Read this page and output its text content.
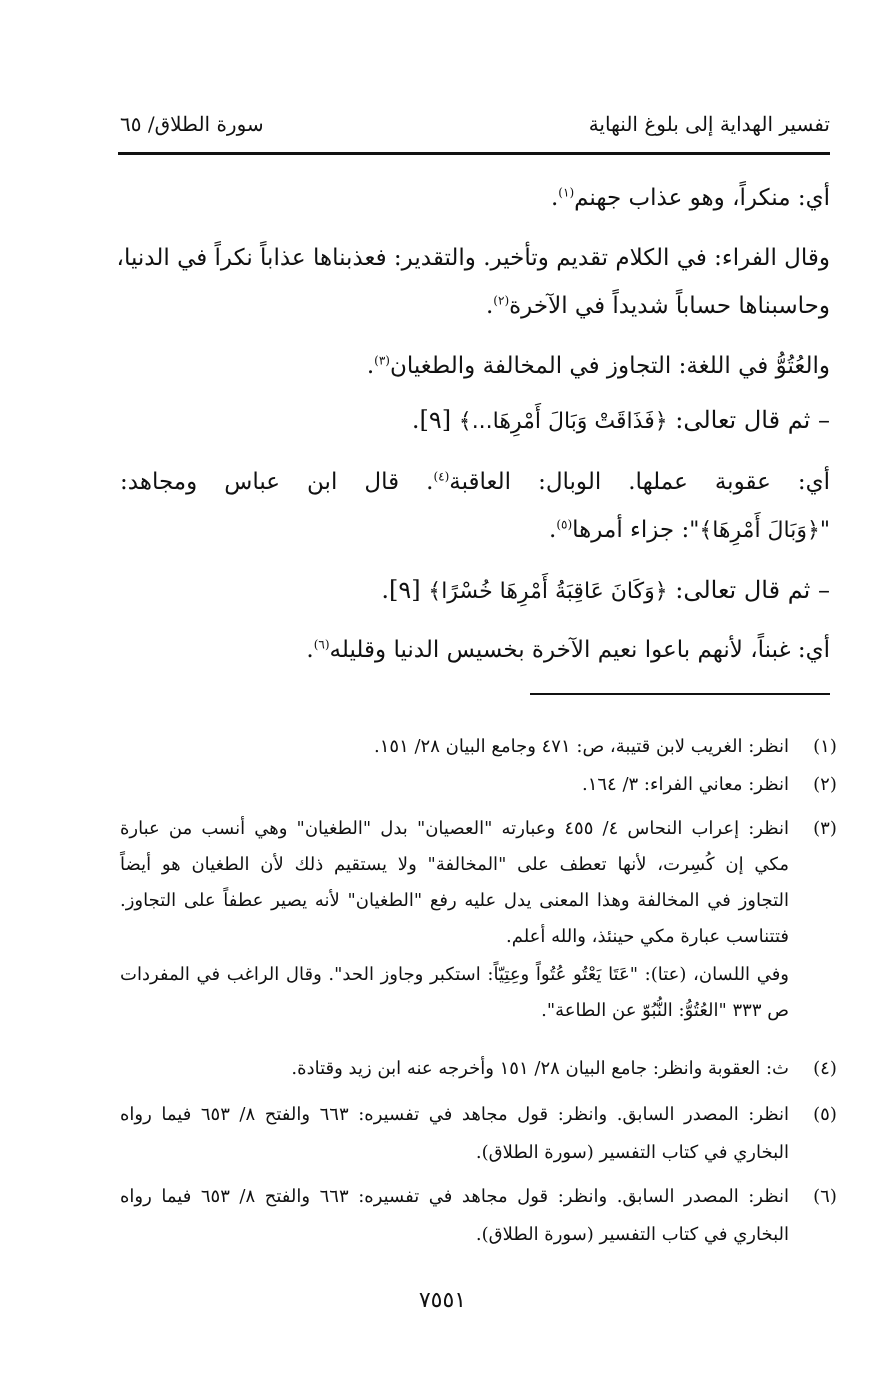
تفسير الهداية إلى بلوغ النهاية
سورة الطلاق/ ٦٥
أي: منكراً، وهو عذاب جهنم$^{(١)}$.
وقال الفراء: في الكلام تقديم وتأخير. والتقدير: فعذبناها عذاباً نكراً في الدنيا،
وحاسبناها حساباً شديداً في الآخرة$^{(٢)}$.
والعُتُوُّ في اللغة: التجاوز في المخالفة والطغيان$^{(٣)}$.
– ثم قال تعالى: ﴿فَذَاقَتْ وَبَالَ أَمْرِهَا...﴾ [٩].
أي: عقوبة عملها. الوبال: العاقبة$^{(٤)}$. قال ابن عباس ومجاهد:
"﴿وَبَالَ أَمْرِهَا﴾": جزاء أمرها$^{(٥)}$.
– ثم قال تعالى: ﴿وَكَانَ عَاقِبَةُ أَمْرِهَا خُسْرًا﴾ [٩].
أي: غبناً، لأنهم باعوا نعيم الآخرة بخسيس الدنيا وقليله$^{(٦)}$.
(١)
انظر: الغريب لابن قتيبة، ص: ٤٧١ وجامع البيان ٢٨/ ١٥١.
(٢)
انظر: معاني الفراء: ٣/ ١٦٤.
(٣)
انظر: إعراب النحاس ٤/ ٤٥٥ وعبارته "العصيان" بدل "الطغيان" وهي أنسب من عبارة
مكي إن كُسِرت، لأنها تعطف على "المخالفة" ولا يستقيم ذلك لأن الطغيان هو أيضاً
التجاوز في المخالفة وهذا المعنى يدل عليه رفع "الطغيان" لأنه يصير عطفاً على التجاوز.
فتتناسب عبارة مكي حينئذ، والله أعلم.
وفي اللسان، (عتا): "عَتَا يَعْتُو عُتُواً وعِتِيّاً: استكبر وجاوز الحد". وقال الراغب في المفردات
ص ٣٣٣ "العُتُوُّ: النُّبُوّ عن الطاعة".
(٤)
ث: العقوبة وانظر: جامع البيان ٢٨/ ١٥١ وأخرجه عنه ابن زيد وقتادة.
(٥)
انظر: المصدر السابق. وانظر: قول مجاهد في تفسيره: ٦٦٣ والفتح ٨/ ٦٥٣ فيما رواه
البخاري في كتاب التفسير (سورة الطلاق).
(٦)
انظر: المصدر السابق. وانظر: قول مجاهد في تفسيره: ٦٦٣ والفتح ٨/ ٦٥٣ فيما رواه
البخاري في كتاب التفسير (سورة الطلاق).
٧٥٥١
